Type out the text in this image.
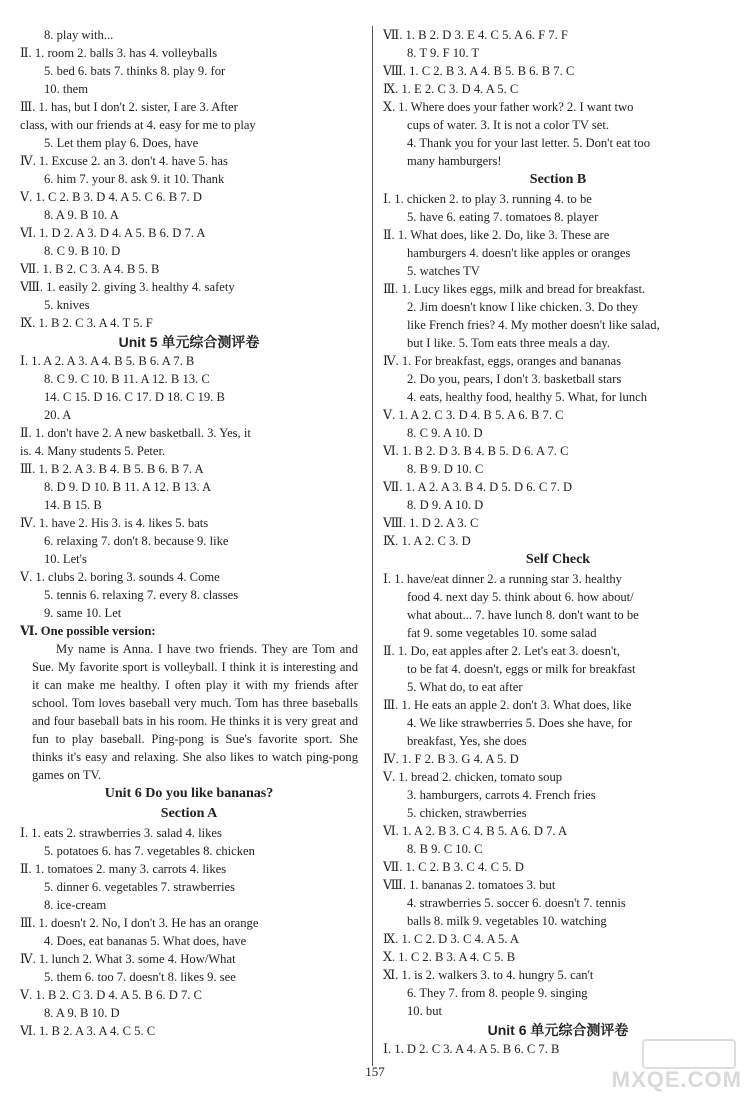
8. play with...
Ⅱ. 1. room 2. balls 3. has 4. volleyballs
5. bed 6. bats 7. thinks 8. play 9. for
10. them
Ⅲ. 1. has, but I don't 2. sister, I are 3. After
class, with our friends at 4. easy for me to play
5. Let them play 6. Does, have
Ⅳ. 1. Excuse 2. an 3. don't 4. have 5. has
6. him 7. your 8. ask 9. it 10. Thank
Ⅴ. 1. C 2. B 3. D 4. A 5. C 6. B 7. D
8. A 9. B 10. A
Ⅵ. 1. D 2. A 3. D 4. A 5. B 6. D 7. A
8. C 9. B 10. D
Ⅶ. 1. B 2. C 3. A 4. B 5. B
Ⅷ. 1. easily 2. giving 3. healthy 4. safety
5. knives
Ⅸ. 1. B 2. C 3. A 4. T 5. F
Unit 5 单元综合测评卷
Ⅰ. 1. A 2. A 3. A 4. B 5. B 6. A 7. B
8. C 9. C 10. B 11. A 12. B 13. C
14. C 15. D 16. C 17. D 18. C 19. B
20. A
Ⅱ. 1. don't have 2. A new basketball. 3. Yes, it
is. 4. Many students 5. Peter.
Ⅲ. 1. B 2. A 3. B 4. B 5. B 6. B 7. A
8. D 9. D 10. B 11. A 12. B 13. A
14. B 15. B
Ⅳ. 1. have 2. His 3. is 4. likes 5. bats
6. relaxing 7. don't 8. because 9. like
10. Let's
Ⅴ. 1. clubs 2. boring 3. sounds 4. Come
5. tennis 6. relaxing 7. every 8. classes
9. same 10. Let
Ⅵ. One possible version:

My name is Anna. I have two friends. They are Tom and Sue. My favorite sport is volleyball. I think it is interesting and it can make me healthy. I often play it with my friends after school. Tom loves baseball very much. Tom has three baseballs and four baseball bats in his room. He thinks it is very great and fun to play baseball. Ping-pong is Sue's favorite sport. She thinks it's easy and relaxing. She also likes to watch ping-pong games on TV.

Unit 6 Do you like bananas?
Section A
Ⅰ. 1. eats 2. strawberries 3. salad 4. likes
5. potatoes 6. has 7. vegetables 8. chicken
Ⅱ. 1. tomatoes 2. many 3. carrots 4. likes
5. dinner 6. vegetables 7. strawberries
8. ice-cream
Ⅲ. 1. doesn't 2. No, I don't 3. He has an orange
4. Does, eat bananas 5. What does, have
Ⅳ. 1. lunch 2. What 3. some 4. How/What
5. them 6. too 7. doesn't 8. likes 9. see
Ⅴ. 1. B 2. C 3. D 4. A 5. B 6. D 7. C
8. A 9. B 10. D
Ⅵ. 1. B 2. A 3. A 4. C 5. C
Ⅶ. 1. B 2. D 3. E 4. C 5. A 6. F 7. F
8. T 9. F 10. T
Ⅷ. 1. C 2. B 3. A 4. B 5. B 6. B 7. C
Ⅸ. 1. E 2. C 3. D 4. A 5. C
Ⅹ. 1. Where does your father work? 2. I want two
cups of water. 3. It is not a color TV set.
4. Thank you for your last letter. 5. Don't eat too
many hamburgers!
Section B
Ⅰ. 1. chicken 2. to play 3. running 4. to be
5. have 6. eating 7. tomatoes 8. player
Ⅱ. 1. What does, like 2. Do, like 3. These are
hamburgers 4. doesn't like apples or oranges
5. watches TV
Ⅲ. 1. Lucy likes eggs, milk and bread for breakfast.
2. Jim doesn't know I like chicken. 3. Do they
like French fries? 4. My mother doesn't like salad,
but I like. 5. Tom eats three meals a day.
Ⅳ. 1. For breakfast, eggs, oranges and bananas
2. Do you, pears, I don't 3. basketball stars
4. eats, healthy food, healthy 5. What, for lunch
Ⅴ. 1. A 2. C 3. D 4. B 5. A 6. B 7. C
8. C 9. A 10. D
Ⅵ. 1. B 2. D 3. B 4. B 5. D 6. A 7. C
8. B 9. D 10. C
Ⅶ. 1. A 2. A 3. B 4. D 5. D 6. C 7. D
8. D 9. A 10. D
Ⅷ. 1. D 2. A 3. C
Ⅸ. 1. A 2. C 3. D
Self Check
Ⅰ. 1. have/eat dinner 2. a running star 3. healthy
food 4. next day 5. think about 6. how about/
what about... 7. have lunch 8. don't want to be
fat 9. some vegetables 10. some salad
Ⅱ. 1. Do, eat apples after 2. Let's eat 3. doesn't,
to be fat 4. doesn't, eggs or milk for breakfast
5. What do, to eat after
Ⅲ. 1. He eats an apple 2. don't 3. What does, like
4. We like strawberries 5. Does she have, for
breakfast, Yes, she does
Ⅳ. 1. F 2. B 3. G 4. A 5. D
Ⅴ. 1. bread 2. chicken, tomato soup
3. hamburgers, carrots 4. French fries
5. chicken, strawberries
Ⅵ. 1. A 2. B 3. C 4. B 5. A 6. D 7. A
8. B 9. C 10. C
Ⅶ. 1. C 2. B 3. C 4. C 5. D
Ⅷ. 1. bananas 2. tomatoes 3. but
4. strawberries 5. soccer 6. doesn't 7. tennis
balls 8. milk 9. vegetables 10. watching
Ⅸ. 1. C 2. D 3. C 4. A 5. A
Ⅹ. 1. C 2. B 3. A 4. C 5. B
Ⅺ. 1. is 2. walkers 3. to 4. hungry 5. can't
6. They 7. from 8. people 9. singing
10. but
Unit 6 单元综合测评卷
Ⅰ. 1. D 2. C 3. A 4. A 5. B 6. C 7. B
157	MXQE.COM
